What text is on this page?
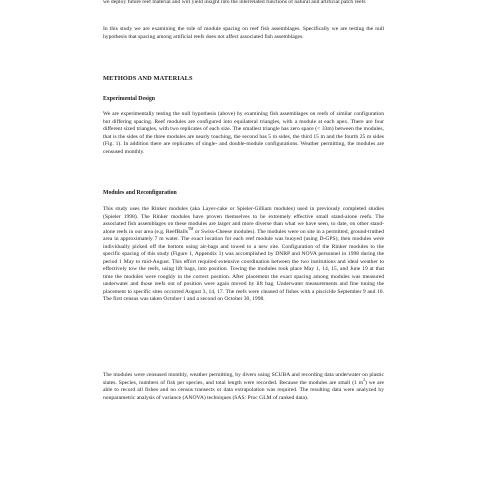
we deploy future reef material and will yield insight into the interrelated functions of natural and artificial patch reefs

In this study we are examining the role of module spacing on reef fish assemblages. Specifically we are testing the null hypothesis that spacing among artificial reefs does not affect associated fish assemblages.

METHODS AND MATERIALS

Experimental Design

We are experimentally testing the null hypothesis (above) by examining fish assemblages on reefs of similar configuration but differing spacing. Reef modules are configured into equilateral triangles, with a module at each apex. There are four different sized triangles, with two replicates of each size. The smallest triangle has zero space (< 33m) between the modules, that is the sides of the three modules are nearly touching, the second has 5 m sides, the third 15 m and the fourth 25 m sides (Fig. 1). In addition there are replicates of single- and double-module configurations. Weather permitting, the modules are censused monthly.

Modules and Reconfiguration

This study uses the Rinker modules (aka Layer-cake or Spieler-Gilliam modules) used in previously completed studies (Spieler 1998). The Rinker modules have proven themselves to be extremely effective small stand-alone reefs. The associated fish assemblages on these modules are larger and more diverse than what we have seen, to date, on other stand-alone reefs in our area (e.g. ReefBalls™ or Swiss-Cheese modules). The modules were on site in a permitted, ground-truthed area in approximately 7 m water. The exact location for each reef module was buoyed (using D-GPS), then modules were individually picked off the bottom using air-bags and towed to a new site. Configuration of the Rinker modules to the specific spacing of this study (Figure 1, Appendix 1) was accomplished by DNRP and NOVA personnel in 1998 during the period 1 May to mid-August. This effort required extensive coordination between the two institutions and ideal weather to effectively tow the reefs, using lift bags, into position. Towing the modules took place May 1, 14, 15, and June 19 at that time the modules were roughly in the correct position. After placement the exact spacing among modules was measured underwater and those reefs out of position were again moved by lift bag. Underwater measurements and fine tuning the placement to specific sites occurred August 3, 14, 17. The reefs were cleaned of fishes with a piscicide September 9 and 10. The first census was taken October 1 and a second on October 30, 1998.

The modules were censused monthly, weather permitting, by divers using SCUBA and recording data underwater on plastic slates. Species, numbers of fish per species, and total length were recorded. Because the modules are small (1 $m^2$) we are able to record all fishes and no census transects or data extrapolation was required. The resulting data were analyzed by nonparametric analysis of variance (ANOVA) techniques (SAS: Proc GLM of ranked data).
